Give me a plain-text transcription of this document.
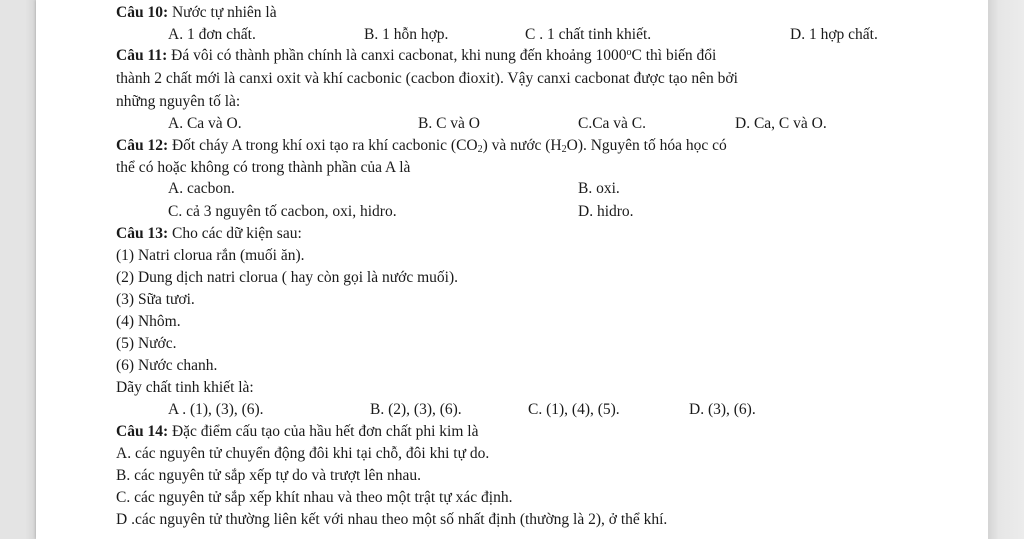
Câu 10: Nước tự nhiên là
A. 1 đơn chất.	B. 1 hỗn hợp.	C . 1 chất tinh khiết.	D. 1 hợp chất.
Câu 11: Đá vôi có thành phần chính là canxi cacbonat, khi nung đến khoảng 1000$^o$C thì biến đổi
thành 2 chất mới là canxi oxit và khí cacbonic (cacbon đioxit). Vậy canxi cacbonat được tạo nên bởi
những nguyên tố là:
A. Ca và O.	B. C và O	C.Ca và C.	D. Ca, C và O.
Câu 12: Đốt cháy A trong khí oxi tạo ra khí cacbonic $(CO_2)$ và nước $(H_2O)$. Nguyên tố hóa học có
thể có hoặc không có trong thành phần của A là
A. cacbon.	B. oxi.
C. cả 3 nguyên tố cacbon, oxi, hidro.	D. hidro.
Câu 13: Cho các dữ kiện sau:
(1) Natri clorua rắn (muối ăn).
(2) Dung dịch natri clorua ( hay còn gọi là nước muối).
(3) Sữa tươi.
(4) Nhôm.
(5) Nước.
(6) Nước chanh.
Dãy chất tinh khiết là:
A . (1), (3), (6).	B. (2), (3), (6).	C. (1), (4), (5).	D. (3), (6).
Câu 14: Đặc điểm cấu tạo của hầu hết đơn chất phi kim là
A. các nguyên tử chuyển động đôi khi tại chỗ, đôi khi tự do.
B. các nguyên tử sắp xếp tự do và trượt lên nhau.
C. các nguyên tử sắp xếp khít nhau và theo một trật tự xác định.
D .các nguyên tử thường liên kết với nhau theo một số nhất định (thường là 2), ở thể khí.
